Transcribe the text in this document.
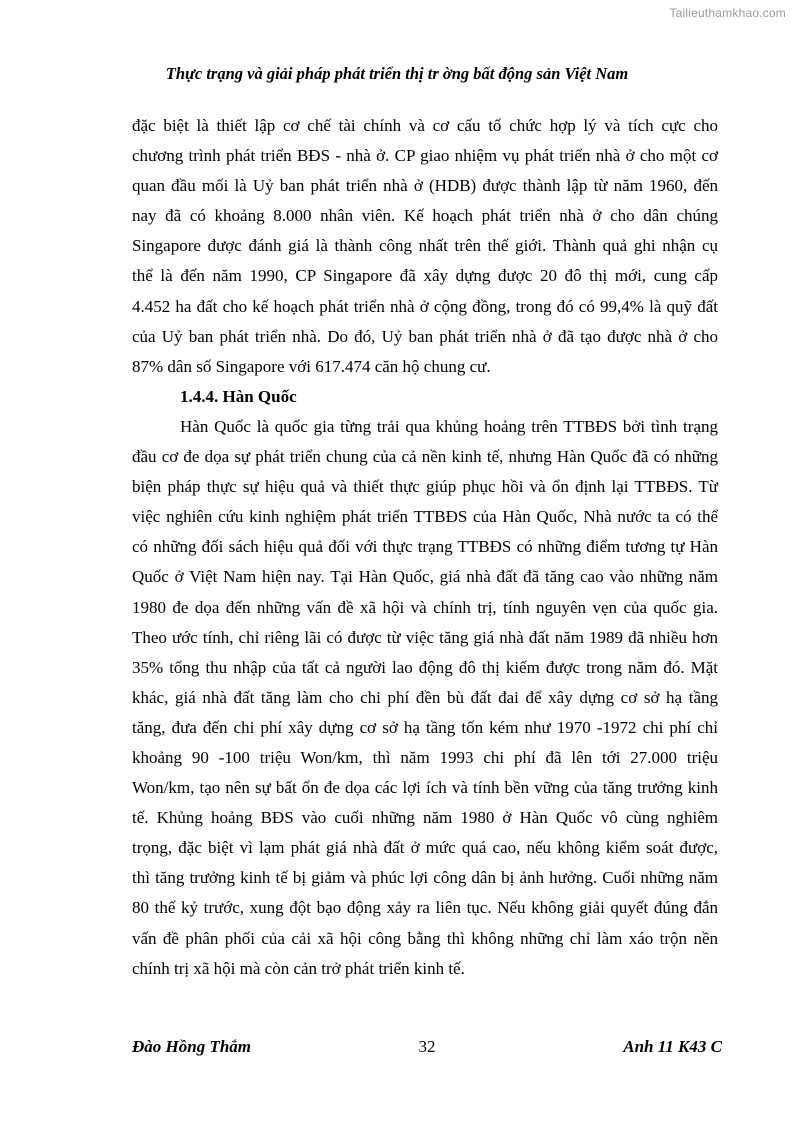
Tailieuthamkhao.com
Thực trạng và giải pháp phát triển thị tr ờng bất động sản Việt Nam

đặc biệt là thiết lập cơ chế tài chính và cơ cấu tổ chức hợp lý và tích cực cho
chương trình phát triển BĐS - nhà ở. CP giao nhiệm vụ phát triển nhà ở cho một cơ
quan đầu mối là Uỷ ban phát triển nhà ở (HDB) được thành lập từ năm 1960, đến
nay đã có khoảng 8.000 nhân viên. Kế hoạch phát triển nhà ở cho dân chúng
Singapore được đánh giá là thành công nhất trên thế giới. Thành quả ghi nhận cụ
thể là đến năm 1990, CP Singapore đã xây dựng được 20 đô thị mới, cung cấp
4.452 ha đất cho kế hoạch phát triển nhà ở cộng đồng, trong đó có 99,4% là quỹ đất
của Uỷ ban phát triển nhà. Do đó, Uỷ ban phát triển nhà ở đã tạo được nhà ở cho
87% dân số Singapore với 617.474 căn hộ chung cư.

1.4.4. Hàn Quốc

Hàn Quốc là quốc gia từng trải qua khủng hoảng trên TTBĐS bởi tình trạng
đầu cơ đe dọa sự phát triển chung của cả nền kinh tế, nhưng Hàn Quốc đã có những
biện pháp thực sự hiệu quả và thiết thực giúp phục hồi và ổn định lại TTBĐS. Từ
việc nghiên cứu kinh nghiệm phát triển TTBĐS của Hàn Quốc, Nhà nước ta có thể
có những đối sách hiệu quả đối với thực trạng TTBĐS có những điểm tương tự Hàn
Quốc ở Việt Nam hiện nay. Tại Hàn Quốc, giá nhà đất đã tăng cao vào những năm
1980 đe dọa đến những vấn đề xã hội và chính trị, tính nguyên vẹn của quốc gia.
Theo ước tính, chỉ riêng lãi có được từ việc tăng giá nhà đất năm 1989 đã nhiều hơn
35% tổng thu nhập của tất cả người lao động đô thị kiếm được trong năm đó. Mặt
khác, giá nhà đất tăng làm cho chi phí đền bù đất đai để xây dựng cơ sở hạ tầng
tăng, đưa đến chi phí xây dựng cơ sở hạ tầng tốn kém như 1970 -1972 chi phí chỉ
khoảng 90 -100 triệu Won/km, thì năm 1993 chi phí đã lên tới 27.000 triệu
Won/km, tạo nên sự bất ổn đe dọa các lợi ích và tính bền vững của tăng trưởng kinh
tế. Khủng hoảng BĐS vào cuối những năm 1980 ở Hàn Quốc vô cùng nghiêm
trọng, đặc biệt vì lạm phát giá nhà đất ở mức quá cao, nếu không kiểm soát được,
thì tăng trưởng kinh tế bị giảm và phúc lợi công dân bị ảnh hưởng. Cuối những năm
80 thế kỷ trước, xung đột bạo động xảy ra liên tục. Nếu không giải quyết đúng đắn
vấn đề phân phối của cải xã hội công bằng thì không những chỉ làm xáo trộn nền
chính trị xã hội mà còn cản trở phát triển kinh tế.

Đào Hồng Thắm	32	Anh 11 K43 C
